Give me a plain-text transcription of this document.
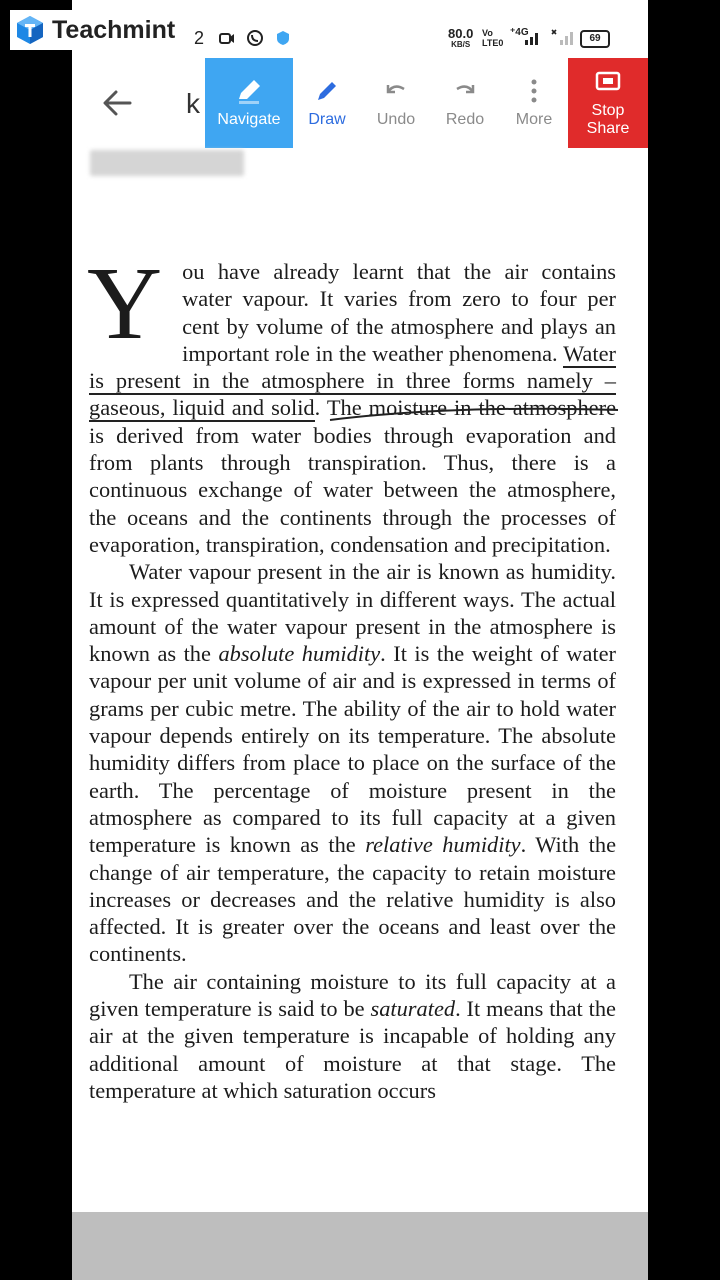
Teachmint 2	80.0
KB/S
Vo
LTE0
⁺4G
69
k
Navigate Draw Undo Redo More
Stop
Share

You have already learnt that the air contains water vapour. It varies from zero to four per cent by volume of the atmosphere and plays an important role in the weather phenomena. Water is present in the atmosphere in three forms namely – gaseous, liquid and solid. The moisture in the atmosphere is derived from water bodies through evaporation and from plants through transpiration. Thus, there is a continuous exchange of water between the atmosphere, the oceans and the continents through the processes of evaporation, transpiration, condensation and precipitation.

Water vapour present in the air is known as humidity. It is expressed quantitatively in different ways. The actual amount of the water vapour present in the atmosphere is known as the absolute humidity. It is the weight of water vapour per unit volume of air and is expressed in terms of grams per cubic metre. The ability of the air to hold water vapour depends entirely on its temperature. The absolute humidity differs from place to place on the surface of the earth. The percentage of moisture present in the atmosphere as compared to its full capacity at a given temperature is known as the relative humidity. With the change of air temperature, the capacity to retain moisture increases or decreases and the relative humidity is also affected. It is greater over the oceans and least over the continents.

The air containing moisture to its full capacity at a given temperature is said to be saturated. It means that the air at the given temperature is incapable of holding any additional amount of moisture at that stage. The temperature at which saturation occurs
